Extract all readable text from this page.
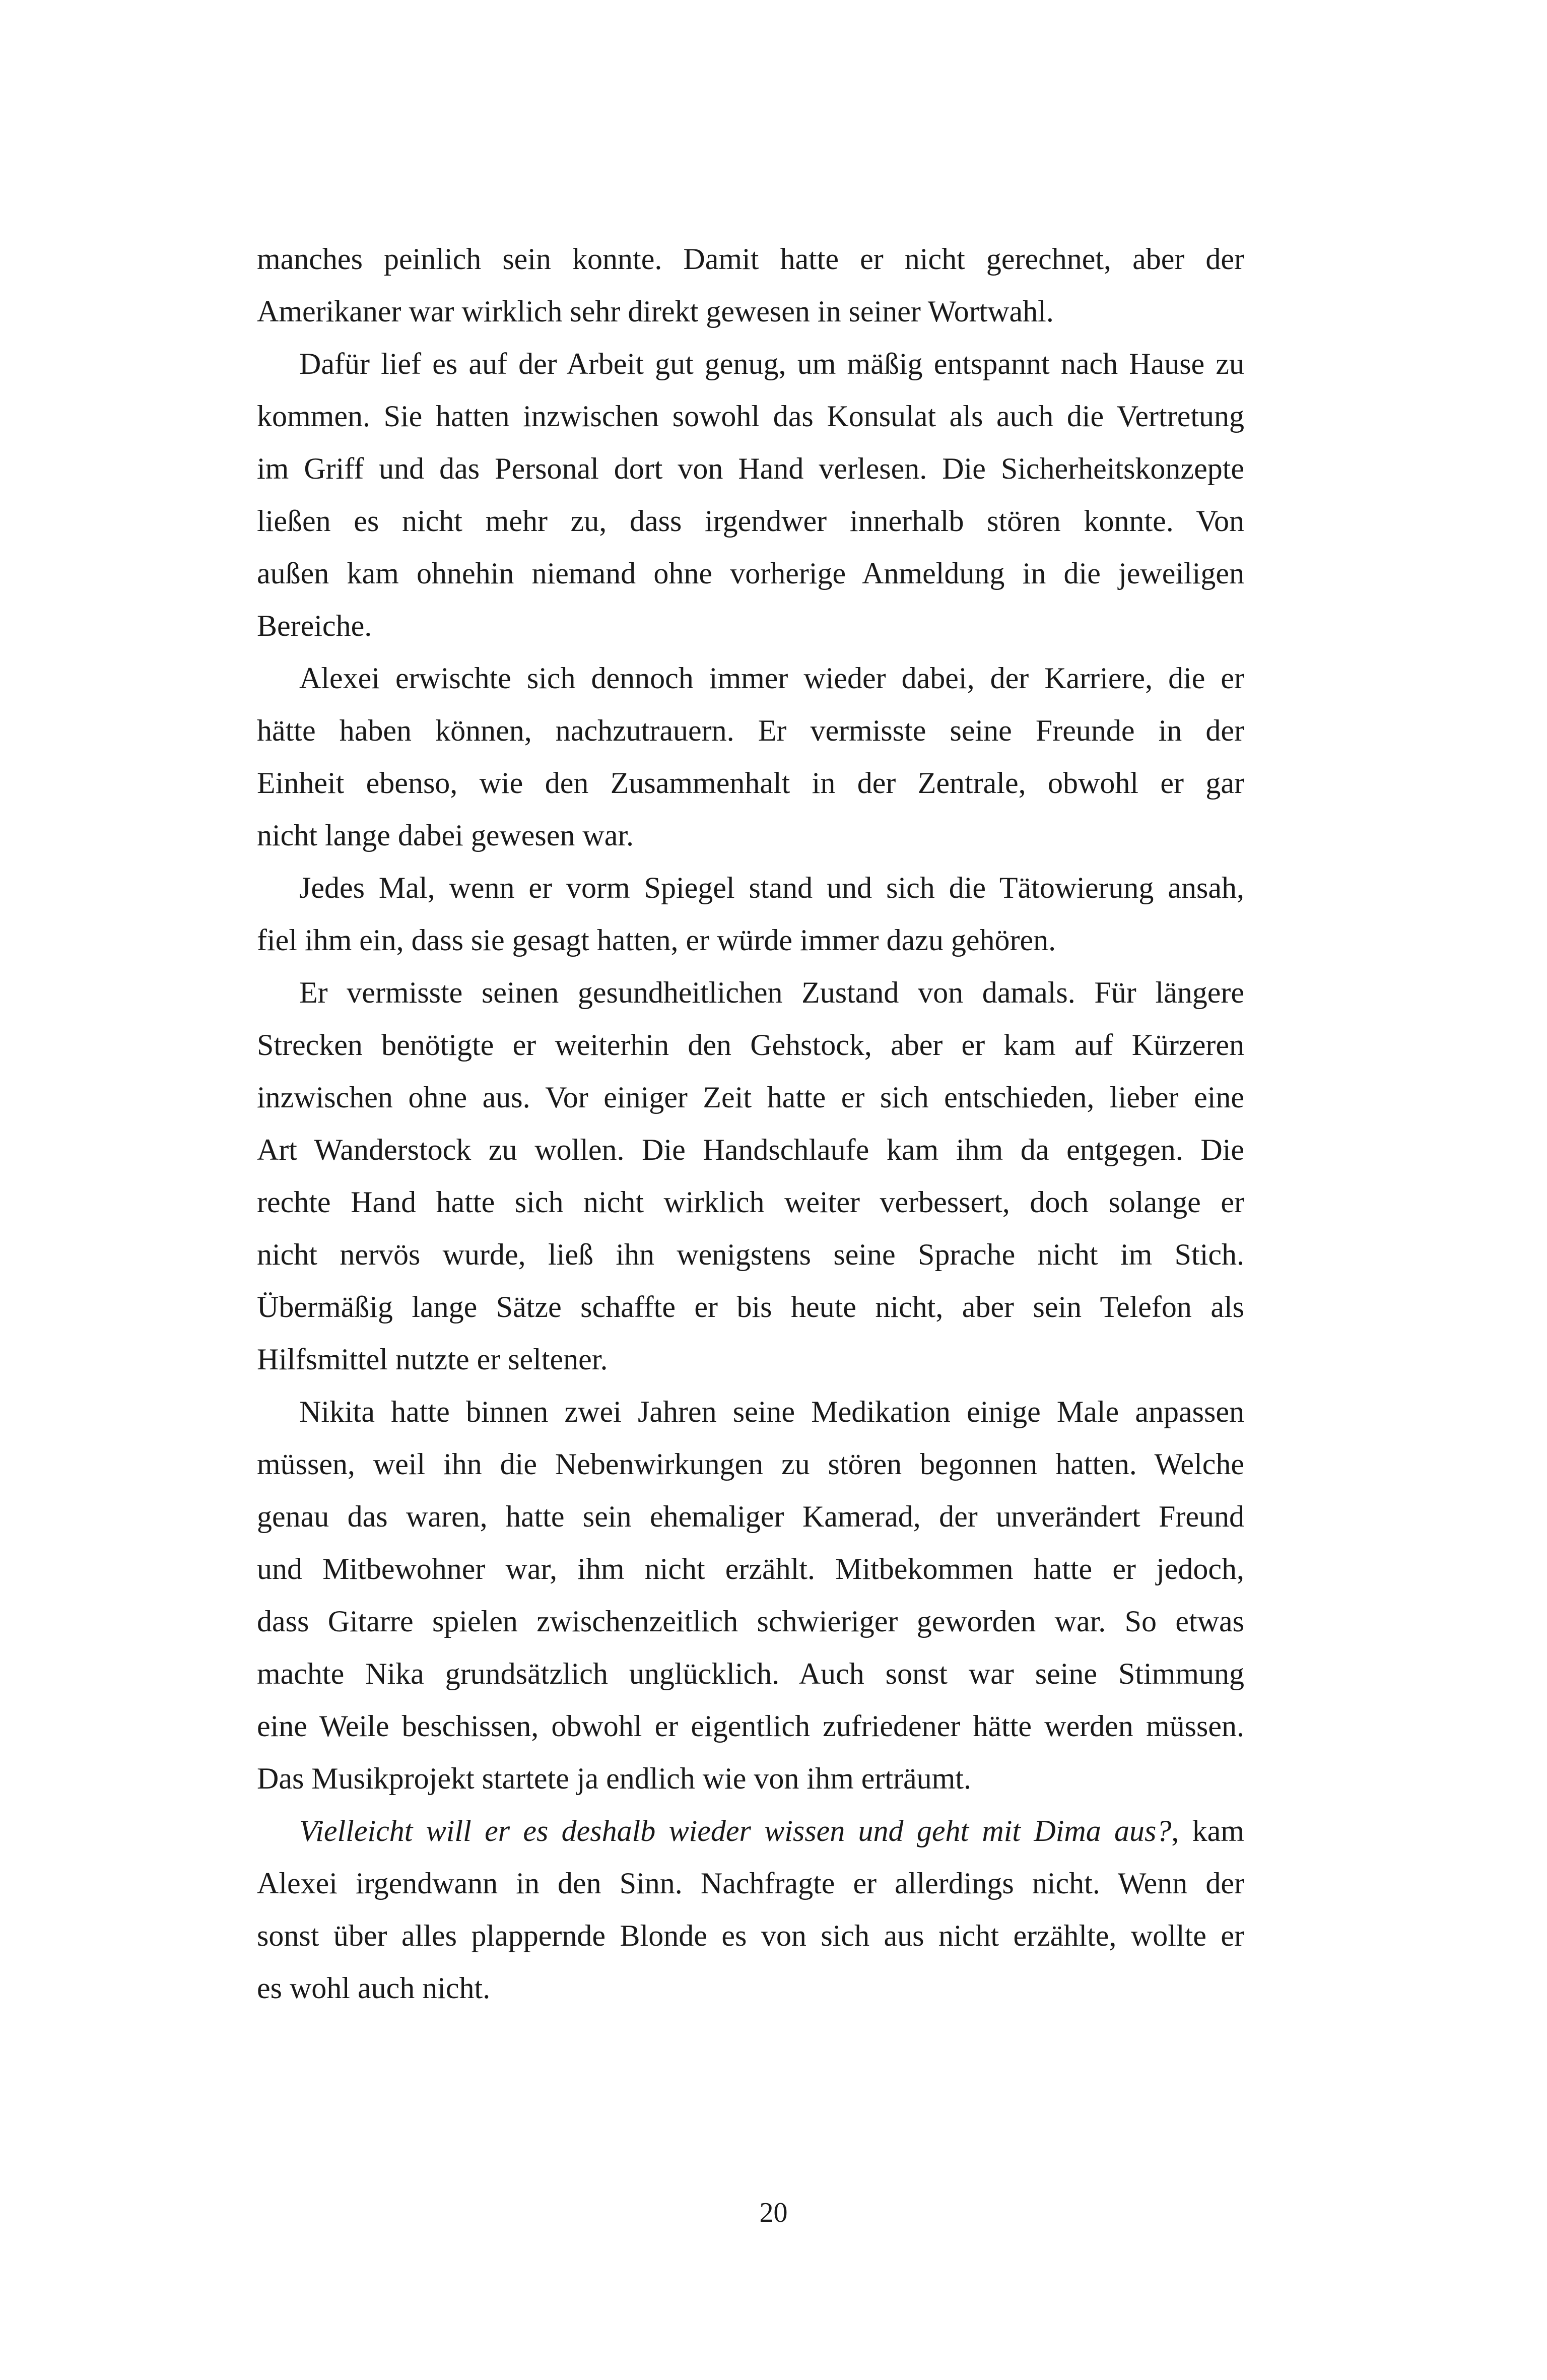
manches peinlich sein konnte. Damit hatte er nicht gerechnet, aber der
Amerikaner war wirklich sehr direkt gewesen in seiner Wortwahl.
Dafür lief es auf der Arbeit gut genug, um mäßig entspannt nach Hause zu
kommen. Sie hatten inzwischen sowohl das Konsulat als auch die Vertretung
im Griff und das Personal dort von Hand verlesen. Die Sicherheitskonzepte
ließen es nicht mehr zu, dass irgendwer innerhalb stören konnte. Von
außen kam ohnehin niemand ohne vorherige Anmeldung in die jeweiligen
Bereiche.
Alexei erwischte sich dennoch immer wieder dabei, der Karriere, die er
hätte haben können, nachzutrauern. Er vermisste seine Freunde in der
Einheit ebenso, wie den Zusammenhalt in der Zentrale, obwohl er gar
nicht lange dabei gewesen war.
Jedes Mal, wenn er vorm Spiegel stand und sich die Tätowierung ansah,
fiel ihm ein, dass sie gesagt hatten, er würde immer dazu gehören.
Er vermisste seinen gesundheitlichen Zustand von damals. Für längere
Strecken benötigte er weiterhin den Gehstock, aber er kam auf Kürzeren
inzwischen ohne aus. Vor einiger Zeit hatte er sich entschieden, lieber eine
Art Wanderstock zu wollen. Die Handschlaufe kam ihm da entgegen. Die
rechte Hand hatte sich nicht wirklich weiter verbessert, doch solange er
nicht nervös wurde, ließ ihn wenigstens seine Sprache nicht im Stich.
Übermäßig lange Sätze schaffte er bis heute nicht, aber sein Telefon als
Hilfsmittel nutzte er seltener.
Nikita hatte binnen zwei Jahren seine Medikation einige Male anpassen
müssen, weil ihn die Nebenwirkungen zu stören begonnen hatten. Welche
genau das waren, hatte sein ehemaliger Kamerad, der unverändert Freund
und Mitbewohner war, ihm nicht erzählt. Mitbekommen hatte er jedoch,
dass Gitarre spielen zwischenzeitlich schwieriger geworden war. So etwas
machte Nika grundsätzlich unglücklich. Auch sonst war seine Stimmung
eine Weile beschissen, obwohl er eigentlich zufriedener hätte werden müssen.
Das Musikprojekt startete ja endlich wie von ihm erträumt.
Vielleicht will er es deshalb wieder wissen und geht mit Dima aus?, kam
Alexei irgendwann in den Sinn. Nachfragte er allerdings nicht. Wenn der
sonst über alles plappernde Blonde es von sich aus nicht erzählte, wollte er
es wohl auch nicht.
20
